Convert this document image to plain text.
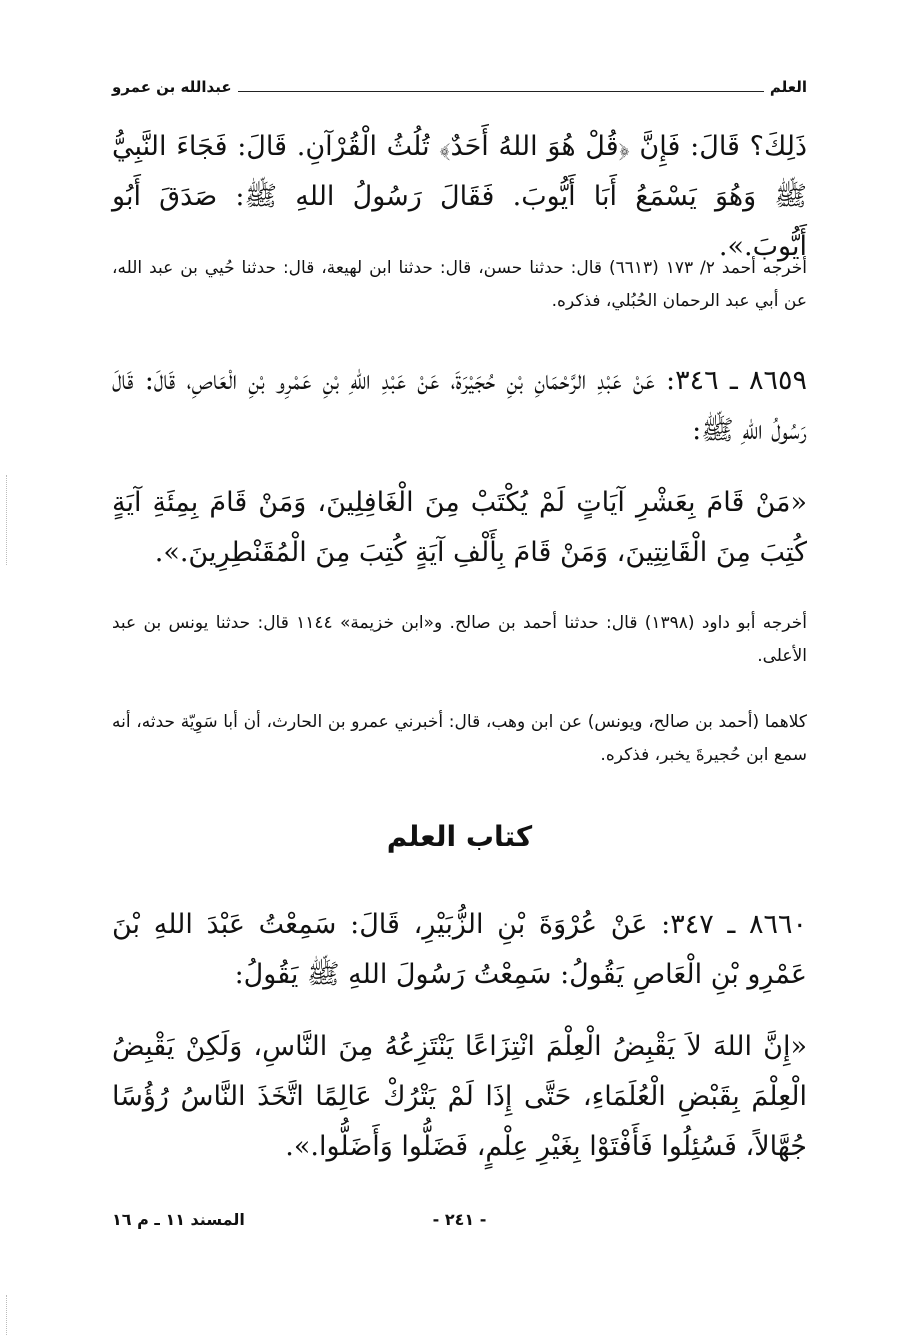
العلم
عبدالله بن عمرو
ذَلِكَ؟ قَالَ: فَإِنَّ ﴿قُلْ هُوَ اللهُ أَحَدٌ﴾ تُلُثُ الْقُرْآنِ. قَالَ: فَجَاءَ النَّبِيُّ ﷺ وَهُوَ يَسْمَعُ أَبَا أَيُّوبَ. فَقَالَ رَسُولُ اللهِ ﷺ: صَدَقَ أَبُو أَيُّوبَ.».
أخرجه أحمد ٢/ ١٧٣ (٦٦١٣) قال: حدثنا حسن، قال: حدثنا ابن لهيعة، قال: حدثنا حُيي بن عبد الله، عن أبي عبد الرحمان الحُبُلي، فذكره.
٨٦٥٩ ـ ٣٤٦: عَنْ عَبْدِ الرَّحْمَانِ بْنِ حُجَيْرَةَ، عَنْ عَبْدِ اللهِ بْنِ عَمْرِو بْنِ الْعَاصِ، قَالَ: قَالَ رَسُولُ اللهِ ﷺ:
«مَنْ قَامَ بِعَشْرِ آيَاتٍ لَمْ يُكْتَبْ مِنَ الْغَافِلِينَ، وَمَنْ قَامَ بِمِئَةِ آيَةٍ كُتِبَ مِنَ الْقَانِتِينَ، وَمَنْ قَامَ بِأَلْفِ آيَةٍ كُتِبَ مِنَ الْمُقَنْطِرِينَ.».
أخرجه أبو داود (١٣٩٨) قال: حدثنا أحمد بن صالح. و«ابن خزيمة» ١١٤٤ قال: حدثنا يونس بن عبد الأعلى.
كلاهما (أحمد بن صالح، ويونس) عن ابن وهب، قال: أخبرني عمرو بن الحارث، أن أبا سَوِيّة حدثه، أنه سمع ابن حُجيرةَ يخبر، فذكره.
كتاب العلم
٨٦٦٠ ـ ٣٤٧: عَنْ عُرْوَةَ بْنِ الزُّبَيْرِ، قَالَ: سَمِعْتُ عَبْدَ اللهِ بْنَ عَمْرِو بْنِ الْعَاصِ يَقُولُ: سَمِعْتُ رَسُولَ اللهِ ﷺ يَقُولُ:
«إِنَّ اللهَ لاَ يَقْبِضُ الْعِلْمَ انْتِزَاعًا يَنْتَزِعُهُ مِنَ النَّاسِ، وَلَكِنْ يَقْبِضُ الْعِلْمَ بِقَبْضِ الْعُلَمَاءِ، حَتَّى إِذَا لَمْ يَتْرُكْ عَالِمًا اتَّخَذَ النَّاسُ رُؤُسًا جُهَّالاً، فَسُئِلُوا فَأَفْتَوْا بِغَيْرِ عِلْمٍ، فَضَلُّوا وَأَضَلُّوا.».
- ٢٤١ -
المسند ١١ ـ م ١٦
